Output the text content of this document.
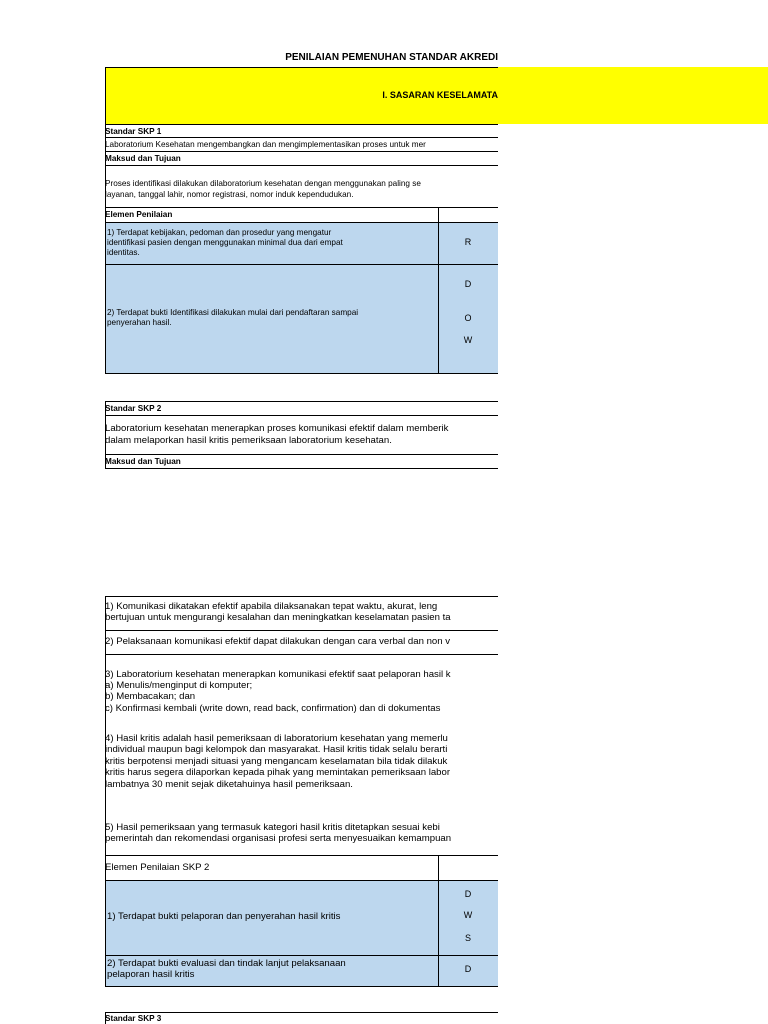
PENILAIAN PEMENUHAN STANDAR AKREDI
I. SASARAN KESELAMATA
Standar SKP 1
Laboratorium Kesehatan mengembangkan dan mengimplementasikan proses untuk mer
Maksud dan Tujuan
Proses identifikasi dilakukan dilaboratorium kesehatan dengan menggunakan paling se
layanan, tanggal lahir, nomor registrasi, nomor induk kependudukan.
Elemen Penilaian
1) Terdapat kebijakan, pedoman dan prosedur yang mengatur
identifikasi pasien dengan menggunakan minimal dua dari empat
identitas.
R
2) Terdapat bukti Identifikasi dilakukan mulai dari pendaftaran sampai
penyerahan hasil.
D
O
W
Standar SKP 2
Laboratorium kesehatan menerapkan proses komunikasi efektif dalam memberik
dalam melaporkan hasil kritis pemeriksaan laboratorium kesehatan.
Maksud dan Tujuan
1) Komunikasi dikatakan efektif apabila dilaksanakan tepat waktu, akurat, leng
bertujuan untuk mengurangi kesalahan dan meningkatkan keselamatan pasien ta
2) Pelaksanaan komunikasi efektif dapat dilakukan dengan cara verbal dan non v
3) Laboratorium kesehatan menerapkan komunikasi efektif saat pelaporan hasil k
a) Menulis/menginput di komputer;
b) Membacakan; dan
c) Konfirmasi kembali (write down, read back, confirmation) dan di dokumentas
4) Hasil kritis adalah hasil pemeriksaan di laboratorium kesehatan yang memerlu
individual maupun bagi kelompok dan masyarakat. Hasil kritis tidak selalu berarti
kritis berpotensi menjadi situasi yang mengancam keselamatan bila tidak dilakuk
kritis harus segera dilaporkan kepada pihak yang memintakan pemeriksaan labor
lambatnya 30 menit sejak diketahuinya hasil pemeriksaan.
5) Hasil pemeriksaan yang termasuk kategori hasil kritis ditetapkan sesuai kebi
pemerintah dan rekomendasi organisasi profesi serta menyesuaikan kemampuan
Elemen Penilaian SKP 2
1) Terdapat bukti pelaporan dan penyerahan hasil kritis
D
W
S
2) Terdapat bukti evaluasi dan tindak lanjut pelaksanaan
pelaporan hasil kritis	D
Standar SKP 3
